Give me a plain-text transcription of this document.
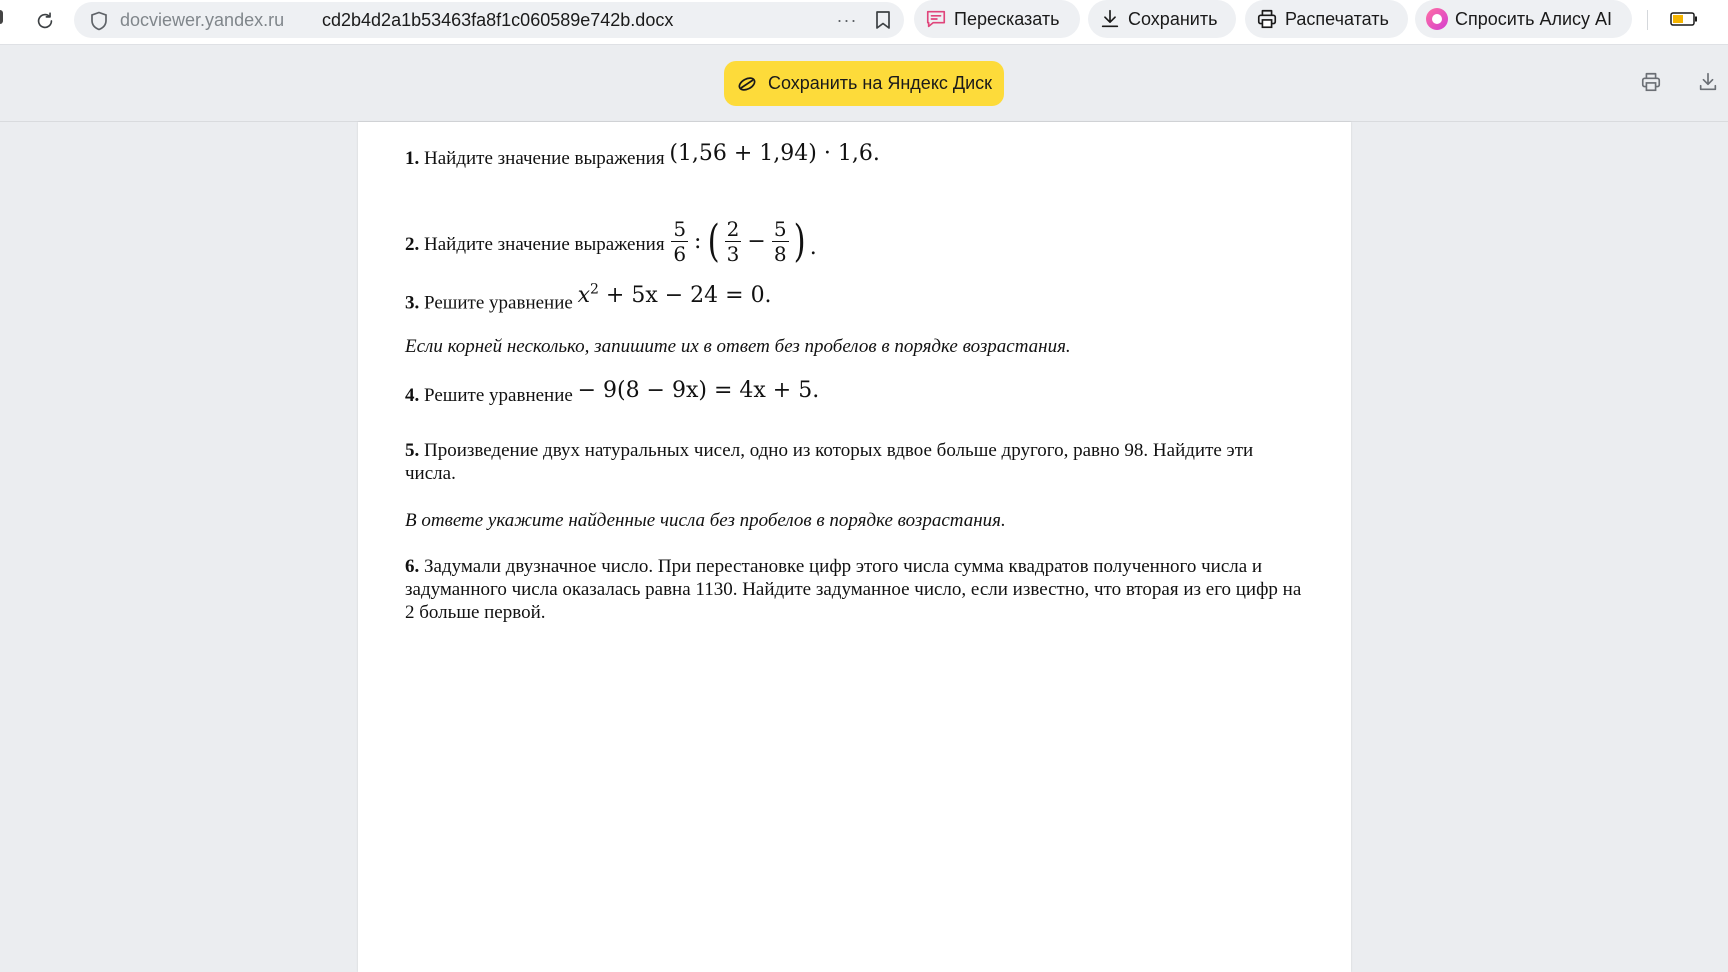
docviewer.yandex.ru cd2b4d2a1b53463fa8f1c060589e742b.docx	···	Пересказать	Сохранить	Распечатать	Спросить Алису AI
Сохранить на Яндекс Диск
1. Найдите значение выражения (1,56 + 1,94) · 1,6.
2. Найдите значение выражения $\frac{5}{6}$ : ( $\frac{2}{3} - \frac{5}{8}$ ) .
3. Решите уравнение $x^2 + 5x - 24 = 0$.
Если корней несколько, запишите их в ответ без пробелов в порядке возрастания.
4. Решите уравнение − 9(8 − 9x) = 4x + 5.
5. Произведение двух натуральных чисел, одно из которых вдвое больше другого, равно 98. Найдите эти числа.
В ответе укажите найденные числа без пробелов в порядке возрастания.
6. Задумали двузначное число. При перестановке цифр этого числа сумма квадратов полученного числа и задуманного числа оказалась равна 1130. Найдите задуманное число, если известно, что вторая из его цифр на 2 больше первой.
